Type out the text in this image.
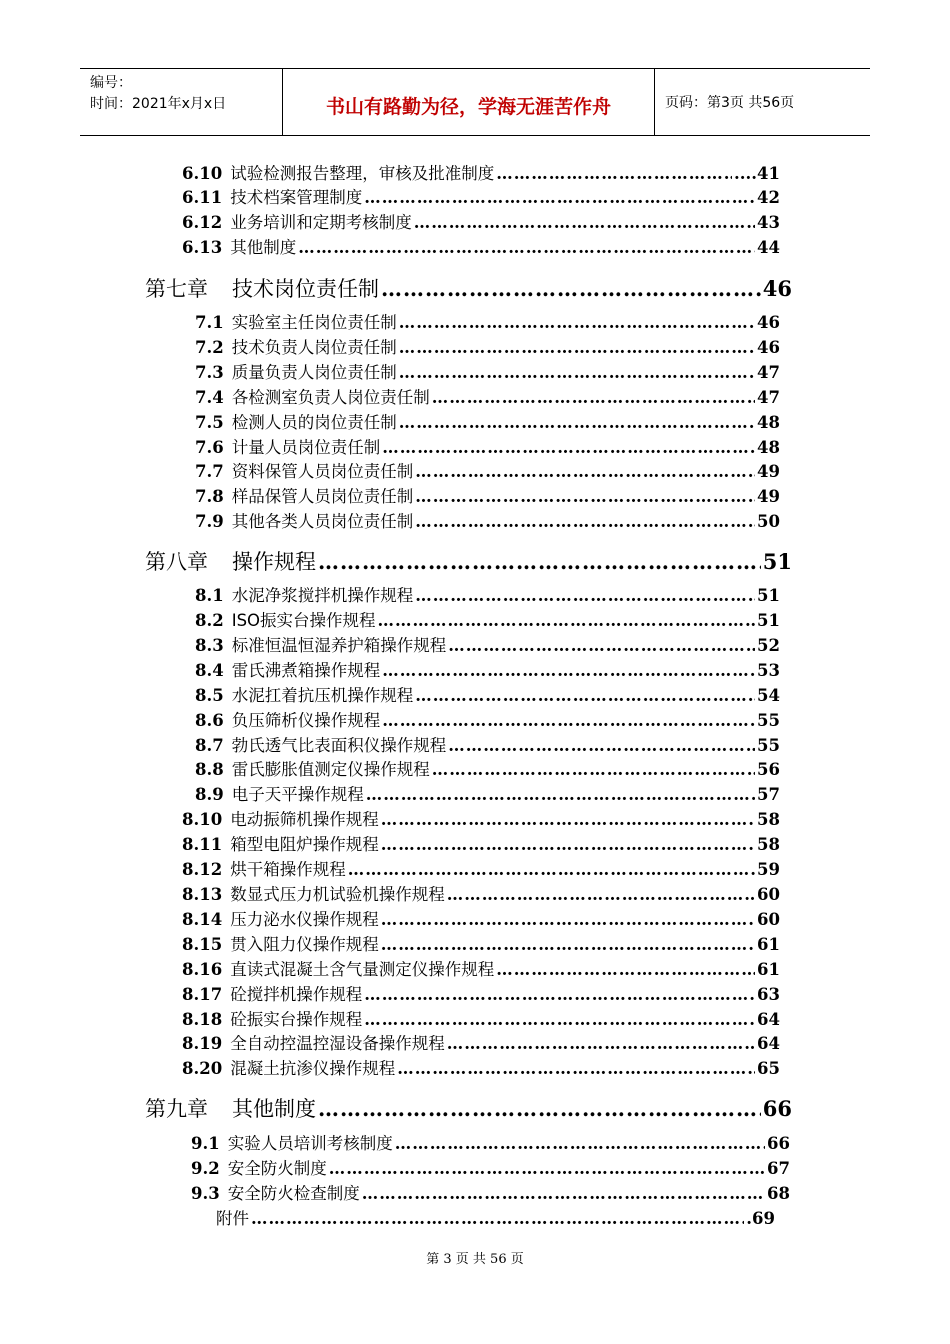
编号：
时间：2021年x月x日	书山有路勤为径，学海无涯苦作舟	页码：第3页 共56页
6.10 试验检测报告整理，审核及批准制度 ……………………………………………………………………………………………………………………………………………………………………	....41
6.11 技术档案管理制度 ……………………………………………………………………………………………………………………………………………………………………	42
6.12 业务培训和定期考核制度 ……………………………………………………………………………………………………………………………………………………………………	43
6.13 其他制度 ……………………………………………………………………………………………………………………………………………………………………	44
第七章 技术岗位责任制 ……………………………………………………………………………………………………………………………………………………………………	46
7.1 实验室主任岗位责任制 ……………………………………………………………………………………………………………………………………………………………………	46
7.2 技术负责人岗位责任制 ……………………………………………………………………………………………………………………………………………………………………	46
7.3 质量负责人岗位责任制 ……………………………………………………………………………………………………………………………………………………………………	47
7.4 各检测室负责人岗位责任制 ……………………………………………………………………………………………………………………………………………………………………	47
7.5 检测人员的岗位责任制 ……………………………………………………………………………………………………………………………………………………………………	48
7.6 计量人员岗位责任制 ……………………………………………………………………………………………………………………………………………………………………	48
7.7 资料保管人员岗位责任制 ……………………………………………………………………………………………………………………………………………………………………	49
7.8 样品保管人员岗位责任制 ……………………………………………………………………………………………………………………………………………………………………	49
7.9 其他各类人员岗位责任制 ……………………………………………………………………………………………………………………………………………………………………	50
第八章 操作规程 ……………………………………………………………………………………………………………………………………………………………………	51
8.1 水泥净浆搅拌机操作规程 ……………………………………………………………………………………………………………………………………………………………………	51
8.2 ISO振实台操作规程 ……………………………………………………………………………………………………………………………………………………………………	51
8.3 标准恒温恒湿养护箱操作规程 ……………………………………………………………………………………………………………………………………………………………………	52
8.4 雷氏沸煮箱操作规程 ……………………………………………………………………………………………………………………………………………………………………	53
8.5 水泥扛着抗压机操作规程 ……………………………………………………………………………………………………………………………………………………………………	54
8.6 负压筛析仪操作规程 ……………………………………………………………………………………………………………………………………………………………………	55
8.7 勃氏透气比表面积仪操作规程 ……………………………………………………………………………………………………………………………………………………………………	55
8.8 雷氏膨胀值测定仪操作规程 ……………………………………………………………………………………………………………………………………………………………………	56
8.9 电子天平操作规程 ……………………………………………………………………………………………………………………………………………………………………	57
8.10 电动振筛机操作规程 ……………………………………………………………………………………………………………………………………………………………………	58
8.11 箱型电阻炉操作规程 ……………………………………………………………………………………………………………………………………………………………………	58
8.12 烘干箱操作规程 ……………………………………………………………………………………………………………………………………………………………………	59
8.13 数显式压力机试验机操作规程 ……………………………………………………………………………………………………………………………………………………………………	60
8.14 压力泌水仪操作规程 ……………………………………………………………………………………………………………………………………………………………………	60
8.15 贯入阻力仪操作规程 ……………………………………………………………………………………………………………………………………………………………………	61
8.16 直读式混凝土含气量测定仪操作规程 ……………………………………………………………………………………………………………………………………………………………………	61
8.17 砼搅拌机操作规程 ……………………………………………………………………………………………………………………………………………………………………	63
8.18 砼振实台操作规程 ……………………………………………………………………………………………………………………………………………………………………	64
8.19 全自动控温控湿设备操作规程 ……………………………………………………………………………………………………………………………………………………………………	64
8.20 混凝土抗渗仪操作规程 ……………………………………………………………………………………………………………………………………………………………………	65
第九章 其他制度 ……………………………………………………………………………………………………………………………………………………………………	66
9.1 实验人员培训考核制度 ……………………………………………………………………………………………………………………………………………………………………	66
9.2 安全防火制度 ……………………………………………………………………………………………………………………………………………………………………	67
9.3 安全防火检查制度 ……………………………………………………………………………………………………………………………………………………………………	68
附件 ……………………………………………………………………………………………………………………………………………………………………	.69
第 3 页 共 56 页
